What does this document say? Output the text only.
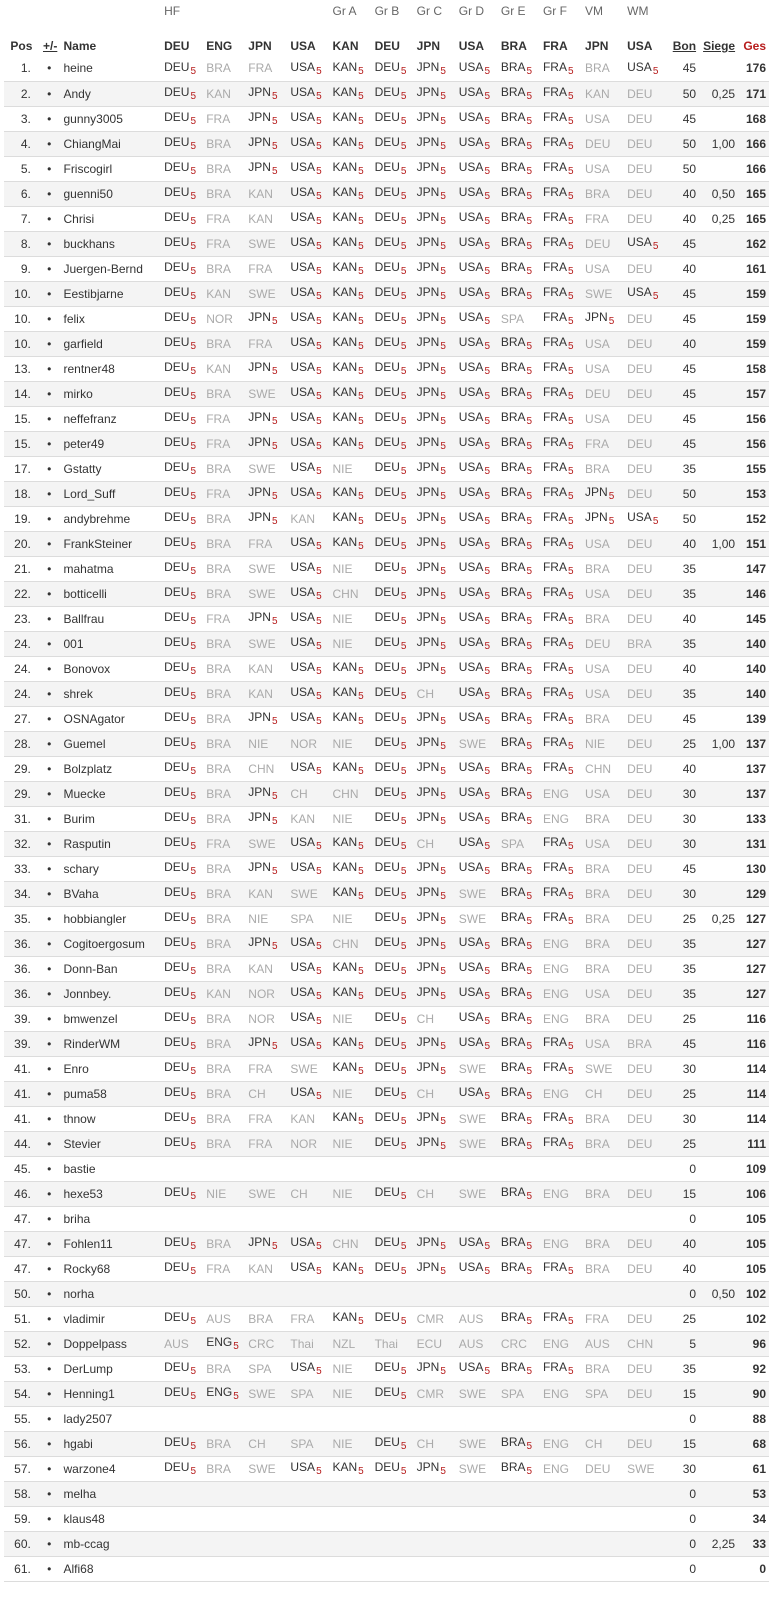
			HF				Gr A	Gr B	Gr C	Gr D	Gr E	Gr F	VM	WM			
Pos	+/-	Name	DEU	ENG	JPN	USA	KAN	DEU	JPN	USA	BRA	FRA	JPN	USA	Bon	Siege	Ges
1.	•	heine	$DEU_5$	BRA	FRA	$USA_5$	$KAN_5$	$DEU_5$	$JPN_5$	$USA_5$	$BRA_5$	$FRA_5$	BRA	$USA_5$	45		176
2.	•	Andy	$DEU_5$	KAN	$JPN_5$	$USA_5$	$KAN_5$	$DEU_5$	$JPN_5$	$USA_5$	$BRA_5$	$FRA_5$	KAN	DEU	50	0,25	171
3.	•	gunny3005	$DEU_5$	FRA	$JPN_5$	$USA_5$	$KAN_5$	$DEU_5$	$JPN_5$	$USA_5$	$BRA_5$	$FRA_5$	USA	DEU	45		168
4.	•	ChiangMai	$DEU_5$	BRA	$JPN_5$	$USA_5$	$KAN_5$	$DEU_5$	$JPN_5$	$USA_5$	$BRA_5$	$FRA_5$	DEU	DEU	50	1,00	166
5.	•	Friscogirl	$DEU_5$	BRA	$JPN_5$	$USA_5$	$KAN_5$	$DEU_5$	$JPN_5$	$USA_5$	$BRA_5$	$FRA_5$	USA	DEU	50		166
6.	•	guenni50	$DEU_5$	BRA	KAN	$USA_5$	$KAN_5$	$DEU_5$	$JPN_5$	$USA_5$	$BRA_5$	$FRA_5$	BRA	DEU	40	0,50	165
7.	•	Chrisi	$DEU_5$	FRA	KAN	$USA_5$	$KAN_5$	$DEU_5$	$JPN_5$	$USA_5$	$BRA_5$	$FRA_5$	FRA	DEU	40	0,25	165
8.	•	buckhans	$DEU_5$	FRA	SWE	$USA_5$	$KAN_5$	$DEU_5$	$JPN_5$	$USA_5$	$BRA_5$	$FRA_5$	DEU	$USA_5$	45		162
9.	•	Juergen-Bernd	$DEU_5$	BRA	FRA	$USA_5$	$KAN_5$	$DEU_5$	$JPN_5$	$USA_5$	$BRA_5$	$FRA_5$	USA	DEU	40		161
10.	•	Eestibjarne	$DEU_5$	KAN	SWE	$USA_5$	$KAN_5$	$DEU_5$	$JPN_5$	$USA_5$	$BRA_5$	$FRA_5$	SWE	$USA_5$	45		159
10.	•	felix	$DEU_5$	NOR	$JPN_5$	$USA_5$	$KAN_5$	$DEU_5$	$JPN_5$	$USA_5$	SPA	$FRA_5$	$JPN_5$	DEU	45		159
10.	•	garfield	$DEU_5$	BRA	FRA	$USA_5$	$KAN_5$	$DEU_5$	$JPN_5$	$USA_5$	$BRA_5$	$FRA_5$	USA	DEU	40		159
13.	•	rentner48	$DEU_5$	KAN	$JPN_5$	$USA_5$	$KAN_5$	$DEU_5$	$JPN_5$	$USA_5$	$BRA_5$	$FRA_5$	USA	DEU	45		158
14.	•	mirko	$DEU_5$	BRA	SWE	$USA_5$	$KAN_5$	$DEU_5$	$JPN_5$	$USA_5$	$BRA_5$	$FRA_5$	DEU	DEU	45		157
15.	•	neffefranz	$DEU_5$	FRA	$JPN_5$	$USA_5$	$KAN_5$	$DEU_5$	$JPN_5$	$USA_5$	$BRA_5$	$FRA_5$	USA	DEU	45		156
15.	•	peter49	$DEU_5$	FRA	$JPN_5$	$USA_5$	$KAN_5$	$DEU_5$	$JPN_5$	$USA_5$	$BRA_5$	$FRA_5$	FRA	DEU	45		156
17.	•	Gstatty	$DEU_5$	BRA	SWE	$USA_5$	NIE	$DEU_5$	$JPN_5$	$USA_5$	$BRA_5$	$FRA_5$	BRA	DEU	35		155
18.	•	Lord_Suff	$DEU_5$	FRA	$JPN_5$	$USA_5$	$KAN_5$	$DEU_5$	$JPN_5$	$USA_5$	$BRA_5$	$FRA_5$	$JPN_5$	DEU	50		153
19.	•	andybrehme	$DEU_5$	BRA	$JPN_5$	KAN	$KAN_5$	$DEU_5$	$JPN_5$	$USA_5$	$BRA_5$	$FRA_5$	$JPN_5$	$USA_5$	50		152
20.	•	FrankSteiner	$DEU_5$	BRA	FRA	$USA_5$	$KAN_5$	$DEU_5$	$JPN_5$	$USA_5$	$BRA_5$	$FRA_5$	USA	DEU	40	1,00	151
21.	•	mahatma	$DEU_5$	BRA	SWE	$USA_5$	NIE	$DEU_5$	$JPN_5$	$USA_5$	$BRA_5$	$FRA_5$	BRA	DEU	35		147
22.	•	botticelli	$DEU_5$	BRA	SWE	$USA_5$	CHN	$DEU_5$	$JPN_5$	$USA_5$	$BRA_5$	$FRA_5$	USA	DEU	35		146
23.	•	Ballfrau	$DEU_5$	FRA	$JPN_5$	$USA_5$	NIE	$DEU_5$	$JPN_5$	$USA_5$	$BRA_5$	$FRA_5$	BRA	DEU	40		145
24.	•	001	$DEU_5$	BRA	SWE	$USA_5$	NIE	$DEU_5$	$JPN_5$	$USA_5$	$BRA_5$	$FRA_5$	DEU	BRA	35		140
24.	•	Bonovox	$DEU_5$	BRA	KAN	$USA_5$	$KAN_5$	$DEU_5$	$JPN_5$	$USA_5$	$BRA_5$	$FRA_5$	USA	DEU	40		140
24.	•	shrek	$DEU_5$	BRA	KAN	$USA_5$	$KAN_5$	$DEU_5$	CH	$USA_5$	$BRA_5$	$FRA_5$	USA	DEU	35		140
27.	•	OSNAgator	$DEU_5$	BRA	$JPN_5$	$USA_5$	$KAN_5$	$DEU_5$	$JPN_5$	$USA_5$	$BRA_5$	$FRA_5$	BRA	DEU	45		139
28.	•	Guemel	$DEU_5$	BRA	NIE	NOR	NIE	$DEU_5$	$JPN_5$	SWE	$BRA_5$	$FRA_5$	NIE	DEU	25	1,00	137
29.	•	Bolzplatz	$DEU_5$	BRA	CHN	$USA_5$	$KAN_5$	$DEU_5$	$JPN_5$	$USA_5$	$BRA_5$	$FRA_5$	CHN	DEU	40		137
29.	•	Muecke	$DEU_5$	BRA	$JPN_5$	CH	CHN	$DEU_5$	$JPN_5$	$USA_5$	$BRA_5$	ENG	USA	DEU	30		137
31.	•	Burim	$DEU_5$	BRA	$JPN_5$	KAN	NIE	$DEU_5$	$JPN_5$	$USA_5$	$BRA_5$	ENG	BRA	DEU	30		133
32.	•	Rasputin	$DEU_5$	FRA	SWE	$USA_5$	$KAN_5$	$DEU_5$	CH	$USA_5$	SPA	$FRA_5$	USA	DEU	30		131
33.	•	schary	$DEU_5$	BRA	$JPN_5$	$USA_5$	$KAN_5$	$DEU_5$	$JPN_5$	$USA_5$	$BRA_5$	$FRA_5$	BRA	DEU	45		130
34.	•	BVaha	$DEU_5$	BRA	KAN	SWE	$KAN_5$	$DEU_5$	$JPN_5$	SWE	$BRA_5$	$FRA_5$	BRA	DEU	30		129
35.	•	hobbiangler	$DEU_5$	BRA	NIE	SPA	NIE	$DEU_5$	$JPN_5$	SWE	$BRA_5$	$FRA_5$	BRA	DEU	25	0,25	127
36.	•	Cogitoergosum	$DEU_5$	BRA	$JPN_5$	$USA_5$	CHN	$DEU_5$	$JPN_5$	$USA_5$	$BRA_5$	ENG	BRA	DEU	35		127
36.	•	Donn-Ban	$DEU_5$	BRA	KAN	$USA_5$	$KAN_5$	$DEU_5$	$JPN_5$	$USA_5$	$BRA_5$	ENG	BRA	DEU	35		127
36.	•	Jonnbey.	$DEU_5$	KAN	NOR	$USA_5$	$KAN_5$	$DEU_5$	$JPN_5$	$USA_5$	$BRA_5$	ENG	USA	DEU	35		127
39.	•	bmwenzel	$DEU_5$	BRA	NOR	$USA_5$	NIE	$DEU_5$	CH	$USA_5$	$BRA_5$	ENG	BRA	DEU	25		116
39.	•	RinderWM	$DEU_5$	BRA	$JPN_5$	$USA_5$	$KAN_5$	$DEU_5$	$JPN_5$	$USA_5$	$BRA_5$	$FRA_5$	USA	BRA	45		116
41.	•	Enro	$DEU_5$	BRA	FRA	SWE	$KAN_5$	$DEU_5$	$JPN_5$	SWE	$BRA_5$	$FRA_5$	SWE	DEU	30		114
41.	•	puma58	$DEU_5$	BRA	CH	$USA_5$	NIE	$DEU_5$	CH	$USA_5$	$BRA_5$	ENG	CH	DEU	25		114
41.	•	thnow	$DEU_5$	BRA	FRA	KAN	$KAN_5$	$DEU_5$	$JPN_5$	SWE	$BRA_5$	$FRA_5$	BRA	DEU	30		114
44.	•	Stevier	$DEU_5$	BRA	FRA	NOR	NIE	$DEU_5$	$JPN_5$	SWE	$BRA_5$	$FRA_5$	BRA	DEU	25		111
45.	•	bastie													0		109
46.	•	hexe53	$DEU_5$	NIE	SWE	CH	NIE	$DEU_5$	CH	SWE	$BRA_5$	ENG	BRA	DEU	15		106
47.	•	briha													0		105
47.	•	Fohlen11	$DEU_5$	BRA	$JPN_5$	$USA_5$	CHN	$DEU_5$	$JPN_5$	$USA_5$	$BRA_5$	ENG	BRA	DEU	40		105
47.	•	Rocky68	$DEU_5$	FRA	KAN	$USA_5$	$KAN_5$	$DEU_5$	$JPN_5$	$USA_5$	$BRA_5$	$FRA_5$	BRA	DEU	40		105
50.	•	norha													0	0,50	102
51.	•	vladimir	$DEU_5$	AUS	BRA	FRA	$KAN_5$	$DEU_5$	CMR	AUS	$BRA_5$	$FRA_5$	FRA	DEU	25		102
52.	•	Doppelpass	AUS	$ENG_5$	CRC	Thai	NZL	Thai	ECU	AUS	CRC	ENG	AUS	CHN	5		96
53.	•	DerLump	$DEU_5$	BRA	SPA	$USA_5$	NIE	$DEU_5$	$JPN_5$	$USA_5$	$BRA_5$	$FRA_5$	BRA	DEU	35		92
54.	•	Henning1	$DEU_5$	$ENG_5$	SWE	SPA	NIE	$DEU_5$	CMR	SWE	SPA	ENG	SPA	DEU	15		90
55.	•	lady2507													0		88
56.	•	hgabi	$DEU_5$	BRA	CH	SPA	NIE	$DEU_5$	CH	SWE	$BRA_5$	ENG	CH	DEU	15		68
57.	•	warzone4	$DEU_5$	BRA	SWE	$USA_5$	$KAN_5$	$DEU_5$	$JPN_5$	SWE	$BRA_5$	ENG	DEU	SWE	30		61
58.	•	melha													0		53
59.	•	klaus48													0		34
60.	•	mb-ccag													0	2,25	33
61.	•	Alfi68													0		0
